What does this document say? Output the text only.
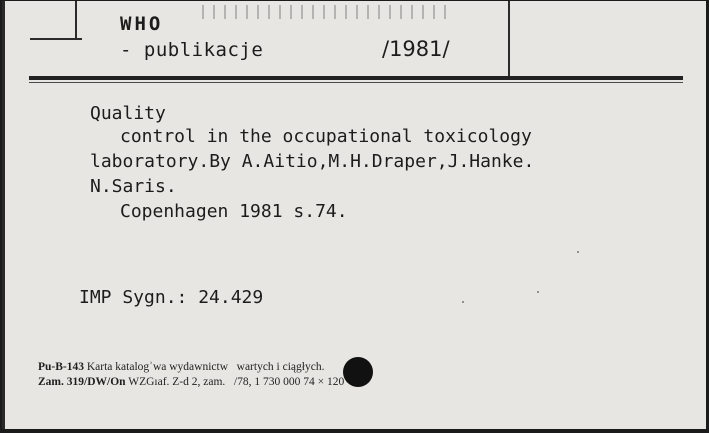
WHO
- publikacje	/1981/
Quality
control in the occupational toxicology
laboratory.By A.Aitio,M.H.Draper,J.Hanke.
N.Saris.
Copenhagen 1981 s.74.
IMP Sygn.: 24.429
Pu-B-143 Karta katalogʾwa wydawnictw   wartych i ciągłych.
Zam. 319/DW/On WZGıaf. Z-d 2, zam.   /78, 1 730 000 74 × 120
